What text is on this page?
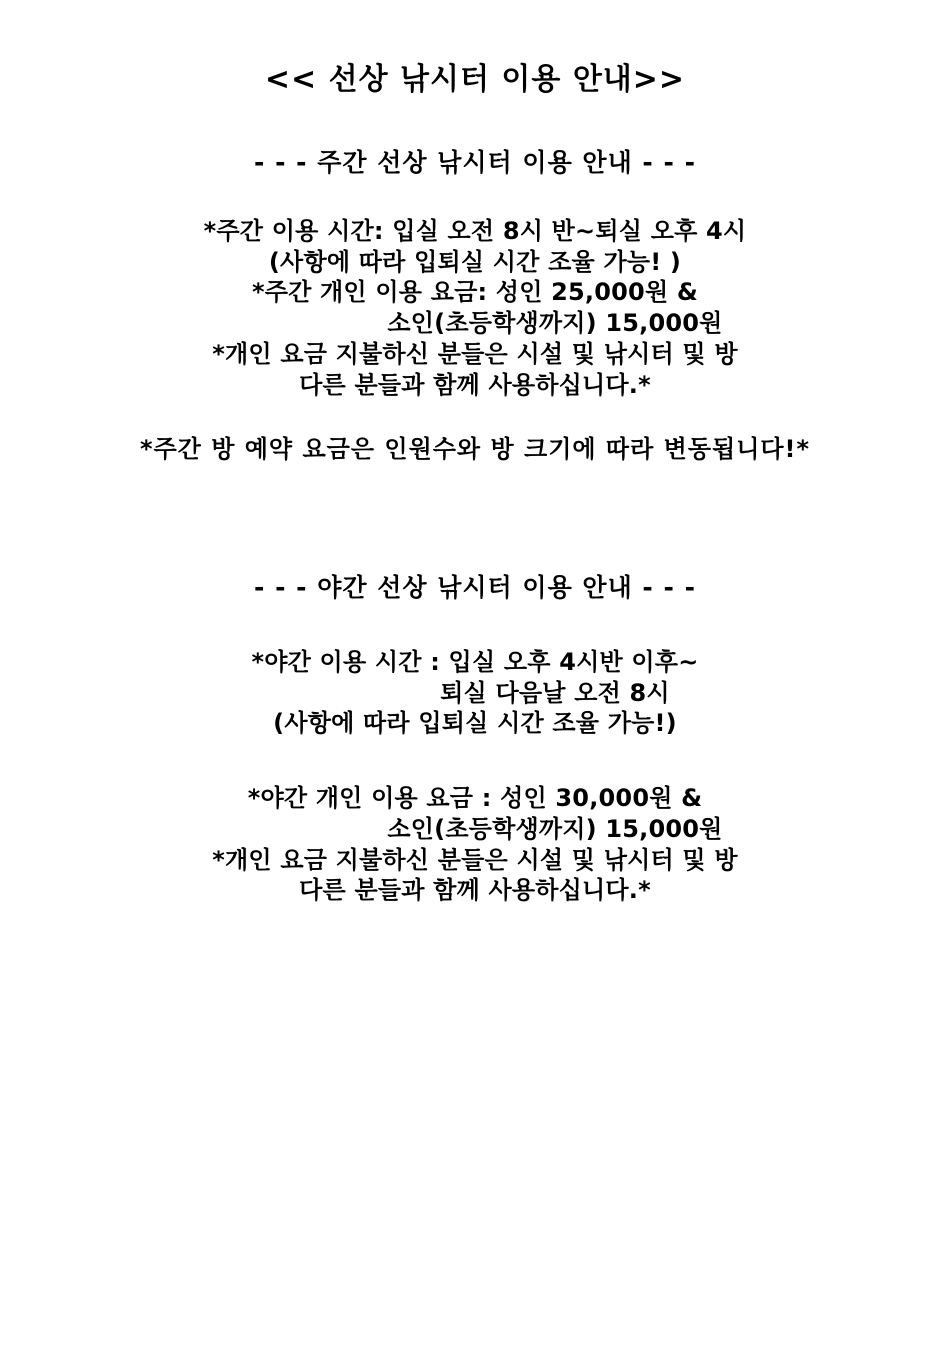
<< 선상 낚시터 이용 안내>>
- - - 주간 선상 낚시터 이용 안내 - - -
*주간 이용 시간: 입실 오전 8시 반~퇴실 오후 4시
(사항에 따라 입퇴실 시간 조율 가능! )
*주간 개인 이용 요금: 성인 25,000원 &
소인(초등학생까지) 15,000원
*개인 요금 지불하신 분들은 시설 및 낚시터 및 방
다른 분들과 함께 사용하십니다.*
*주간 방 예약 요금은 인원수와 방 크기에 따라 변동됩니다!*
- - - 야간 선상 낚시터 이용 안내 - - -
*야간 이용 시간 : 입실 오후 4시반 이후~
퇴실 다음날 오전 8시
(사항에 따라 입퇴실 시간 조율 가능!)
*야간 개인 이용 요금 : 성인 30,000원 &
소인(초등학생까지) 15,000원
*개인 요금 지불하신 분들은 시설 및 낚시터 및 방
다른 분들과 함께 사용하십니다.*
